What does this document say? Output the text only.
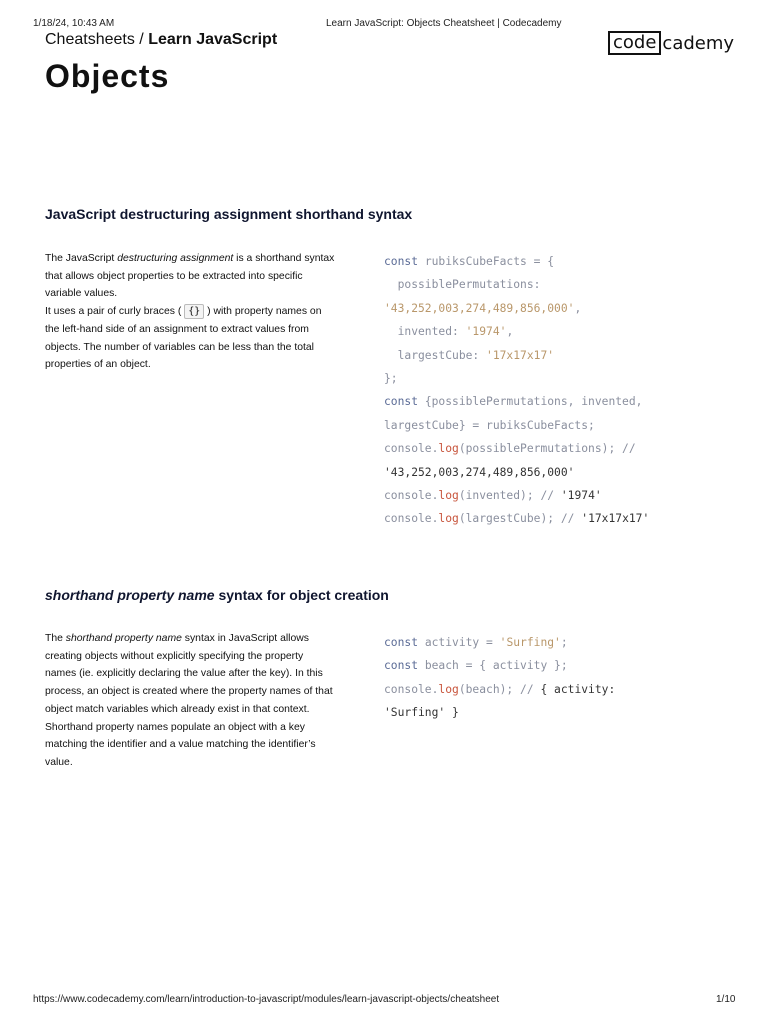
1/18/24, 10:43 AM	Learn JavaScript: Objects Cheatsheet | Codecademy
Cheatsheets / Learn JavaScript	code cademy
Objects
JavaScript destructuring assignment shorthand syntax

The JavaScript destructuring assignment is a shorthand syntax that allows object properties to be extracted into specific variable values.

It uses a pair of curly braces ( {} ) with property names on the left-hand side of an assignment to extract values from objects. The number of variables can be less than the total properties of an object.

const rubiksCubeFacts = {
possiblePermutations:
'43,252,003,274,489,856,000',
invented: '1974',
largestCube: '17x17x17'
};
const {possiblePermutations, invented,
largestCube} = rubiksCubeFacts;
console.log(possiblePermutations); //
'43,252,003,274,489,856,000'
console.log(invented); // '1974'
console.log(largestCube); // '17x17x17'
shorthand property name syntax for object creation

The shorthand property name syntax in JavaScript allows creating objects without explicitly specifying the property names (ie. explicitly declaring the value after the key). In this process, an object is created where the property names of that object match variables which already exist in that context. Shorthand property names populate an object with a key matching the identifier and a value matching the identifier’s value.

const activity = 'Surfing';
const beach = { activity };
console.log(beach); // { activity:
'Surfing' }
https://www.codecademy.com/learn/introduction-to-javascript/modules/learn-javascript-objects/cheatsheet	1/10
